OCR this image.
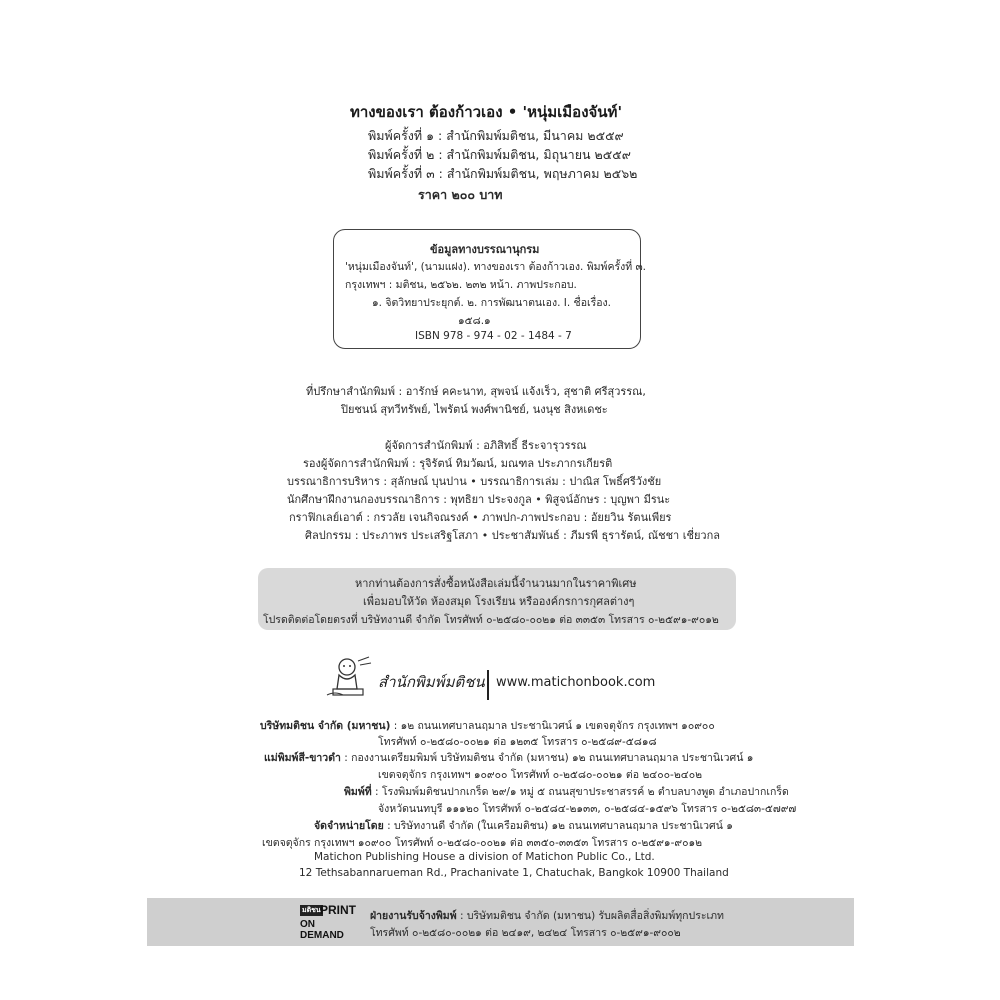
ทางของเรา ต้องก้าวเอง • 'หนุ่มเมืองจันท์'
พิมพ์ครั้งที่ ๑ : สำนักพิมพ์มติชน, มีนาคม ๒๕๕๙
พิมพ์ครั้งที่ ๒ : สำนักพิมพ์มติชน, มิถุนายน ๒๕๕๙
พิมพ์ครั้งที่ ๓ : สำนักพิมพ์มติชน, พฤษภาคม ๒๕๖๒
ราคา ๒๐๐ บาท
ข้อมูลทางบรรณานุกรม
'หนุ่มเมืองจันท์', (นามแฝง). ทางของเรา ต้องก้าวเอง. พิมพ์ครั้งที่ ๓.
กรุงเทพฯ : มติชน, ๒๕๖๒. ๒๓๒ หน้า. ภาพประกอบ.
๑. จิตวิทยาประยุกต์. ๒. การพัฒนาตนเอง. I. ชื่อเรื่อง.
๑๕๘.๑
ISBN 978 - 974 - 02 - 1484 - 7
ที่ปรึกษาสำนักพิมพ์ : อารักษ์ คคะนาท, สุพจน์ แจ้งเร็ว, สุชาติ ศรีสุวรรณ,
ปิยชนน์ สุทวีทรัพย์, ไพรัตน์ พงศ์พานิชย์, นงนุช สิงหเดชะ
ผู้จัดการสำนักพิมพ์ : อภิสิทธิ์ ธีระจารุวรรณ
รองผู้จัดการสำนักพิมพ์ : รุจิรัตน์ ทิมวัฒน์, มณฑล ประภากรเกียรติ
บรรณาธิการบริหาร : สุลักษณ์ บุนปาน • บรรณาธิการเล่ม : ปาณิส โพธิ์ศรีวังชัย
นักศึกษาฝึกงานกองบรรณาธิการ : พุทธิยา ประจงกูล • พิสูจน์อักษร : บุญพา มีรนะ
กราฟิกเลย์เอาต์ : กรวลัย เจนกิจณรงค์ • ภาพปก-ภาพประกอบ : อัยยวิน รัตนเพียร
ศิลปกรรม : ประภาพร ประเสริฐโสภา • ประชาสัมพันธ์ : ภีมรพี ธุรารัตน์, ณัชชา เชี่ยวกล
หากท่านต้องการสั่งซื้อหนังสือเล่มนี้จำนวนมากในราคาพิเศษ
เพื่อมอบให้วัด ห้องสมุด โรงเรียน หรือองค์กรการกุศลต่างๆ
โปรดติดต่อโดยตรงที่ บริษัทงานดี จำกัด โทรศัพท์ ๐-๒๕๘๐-๐๐๒๑ ต่อ ๓๓๕๓ โทรสาร ๐-๒๕๙๑-๙๐๑๒
สำนักพิมพ์มติชน www.matichonbook.com
บริษัทมติชน จำกัด (มหาชน) : ๑๒ ถนนเทศบาลนฤมาล ประชานิเวศน์ ๑ เขตจตุจักร กรุงเทพฯ ๑๐๙๐๐
โทรศัพท์ ๐-๒๕๘๐-๐๐๒๑ ต่อ ๑๒๓๕ โทรสาร ๐-๒๕๘๙-๕๘๑๘
แม่พิมพ์สี-ขาวดำ : กองงานเตรียมพิมพ์ บริษัทมติชน จำกัด (มหาชน) ๑๒ ถนนเทศบาลนฤมาล ประชานิเวศน์ ๑
เขตจตุจักร กรุงเทพฯ ๑๐๙๐๐ โทรศัพท์ ๐-๒๕๘๐-๐๐๒๑ ต่อ ๒๔๐๐-๒๔๐๒
พิมพ์ที่ : โรงพิมพ์มติชนปากเกร็ด ๒๙/๑ หมู่ ๕ ถนนสุขาประชาสรรค์ ๒ ตำบลบางพูด อำเภอปากเกร็ด
จังหวัดนนทบุรี ๑๑๑๒๐ โทรศัพท์ ๐-๒๕๘๔-๒๑๓๓, ๐-๒๕๘๔-๑๕๙๖ โทรสาร ๐-๒๕๘๓-๕๗๙๗
จัดจำหน่ายโดย : บริษัทงานดี จำกัด (ในเครือมติชน) ๑๒ ถนนเทศบาลนฤมาล ประชานิเวศน์ ๑
เขตจตุจักร กรุงเทพฯ ๑๐๙๐๐ โทรศัพท์ ๐-๒๕๘๐-๐๐๒๑ ต่อ ๓๓๕๐-๓๓๕๓ โทรสาร ๐-๒๕๙๑-๙๐๑๒
Matichon Publishing House a division of Matichon Public Co., Ltd.
12 Tethsabannarueman Rd., Prachanivate 1, Chatuchak, Bangkok 10900 Thailand
มติชน PRINT
ON DEMAND
ฝ่ายงานรับจ้างพิมพ์ : บริษัทมติชน จำกัด (มหาชน) รับผลิตสื่อสิ่งพิมพ์ทุกประเภท
โทรศัพท์ ๐-๒๕๘๐-๐๐๒๑ ต่อ ๒๔๑๙, ๒๔๒๔ โทรสาร ๐-๒๕๙๑-๙๐๐๒
